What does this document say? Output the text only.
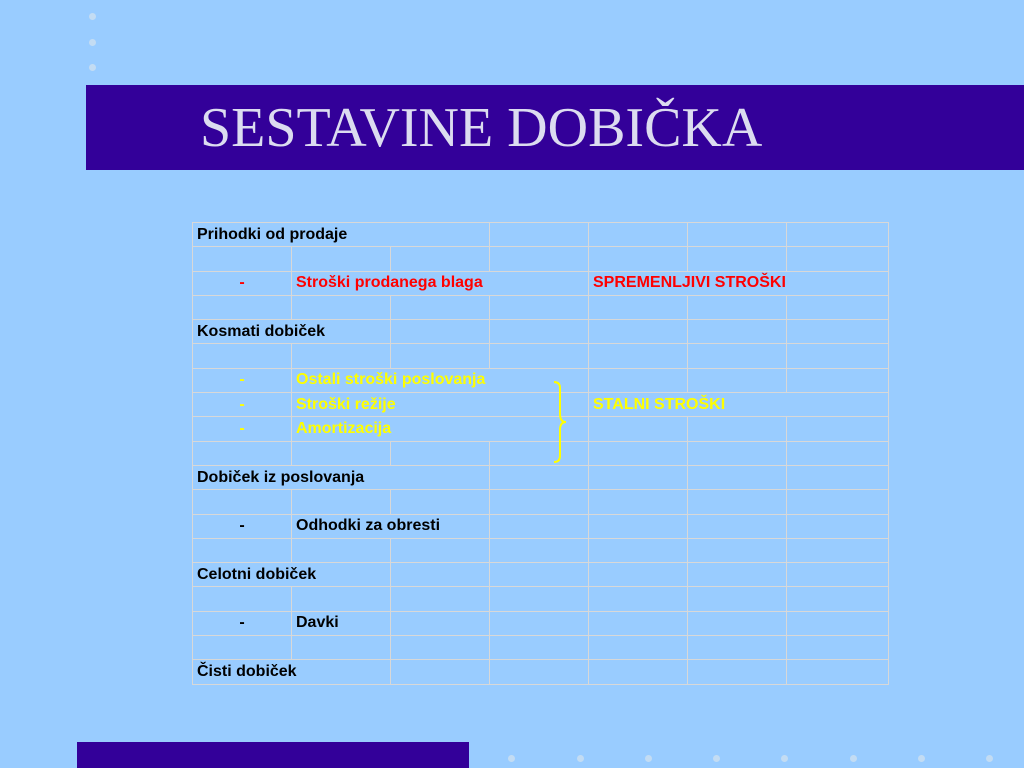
SESTAVINE DOBIČKA
Prihodki od prodaje						

-	Stroški prodanega blaga			SPREMENLJIVI STROŠKI		

Kosmati dobiček						

-	Ostali stroški poslovanja					
-	Stroški režije			STALNI STROŠKI		
-	Amortizacija					

Dobiček iz poslovanja						

-	Odhodki za obresti					

Celotni dobiček						

-	Davki					

Čisti dobiček						
